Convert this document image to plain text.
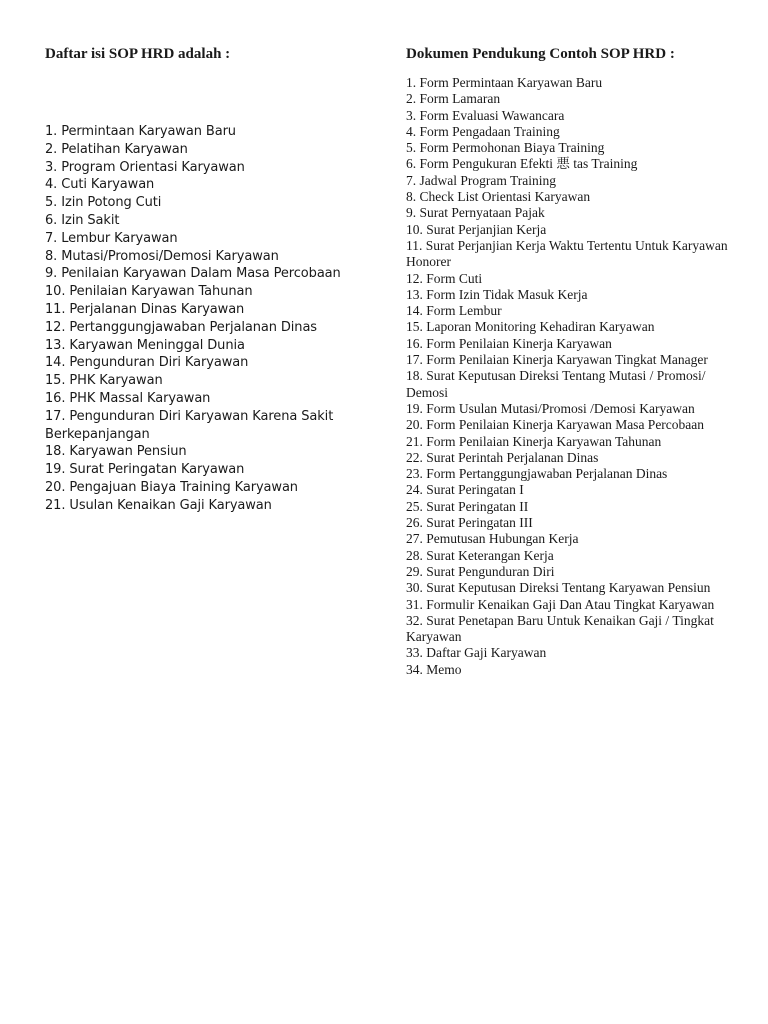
Daftar isi SOP HRD adalah :

1. Permintaan Karyawan Baru
2. Pelatihan Karyawan
3. Program Orientasi Karyawan
4. Cuti Karyawan
5. Izin Potong Cuti
6. Izin Sakit
7. Lembur Karyawan
8. Mutasi/Promosi/Demosi Karyawan
9. Penilaian Karyawan Dalam Masa Percobaan
10. Penilaian Karyawan Tahunan
11. Perjalanan Dinas Karyawan
12. Pertanggungjawaban Perjalanan Dinas
13. Karyawan Meninggal Dunia
14. Pengunduran Diri Karyawan
15. PHK Karyawan
16. PHK Massal Karyawan
17. Pengunduran Diri Karyawan Karena Sakit Berkepanjangan
18. Karyawan Pensiun
19. Surat Peringatan Karyawan
20. Pengajuan Biaya Training Karyawan
21. Usulan Kenaikan Gaji Karyawan

Dokumen Pendukung Contoh SOP HRD :

1. Form Permintaan Karyawan Baru
2. Form Lamaran
3. Form Evaluasi Wawancara
4. Form Pengadaan Training
5. Form Permohonan Biaya Training
6. Form Pengukuran Efekti 悪 tas Training
7. Jadwal Program Training
8. Check List Orientasi Karyawan
9. Surat Pernyataan Pajak
10. Surat Perjanjian Kerja
11. Surat Perjanjian Kerja Waktu Tertentu Untuk Karyawan Honorer
12. Form Cuti
13. Form Izin Tidak Masuk Kerja
14. Form Lembur
15. Laporan Monitoring Kehadiran Karyawan
16. Form Penilaian Kinerja Karyawan
17. Form Penilaian Kinerja Karyawan Tingkat Manager
18. Surat Keputusan Direksi Tentang Mutasi / Promosi/ Demosi
19. Form Usulan Mutasi/Promosi /Demosi Karyawan
20. Form Penilaian Kinerja Karyawan Masa Percobaan
21. Form Penilaian Kinerja Karyawan Tahunan
22. Surat Perintah Perjalanan Dinas
23. Form Pertanggungjawaban Perjalanan Dinas
24. Surat Peringatan I
25. Surat Peringatan II
26. Surat Peringatan III
27. Pemutusan Hubungan Kerja
28. Surat Keterangan Kerja
29. Surat Pengunduran Diri
30. Surat Keputusan Direksi Tentang Karyawan Pensiun
31. Formulir Kenaikan Gaji Dan Atau Tingkat Karyawan
32. Surat Penetapan Baru Untuk Kenaikan Gaji / Tingkat Karyawan
33. Daftar Gaji Karyawan
34. Memo
